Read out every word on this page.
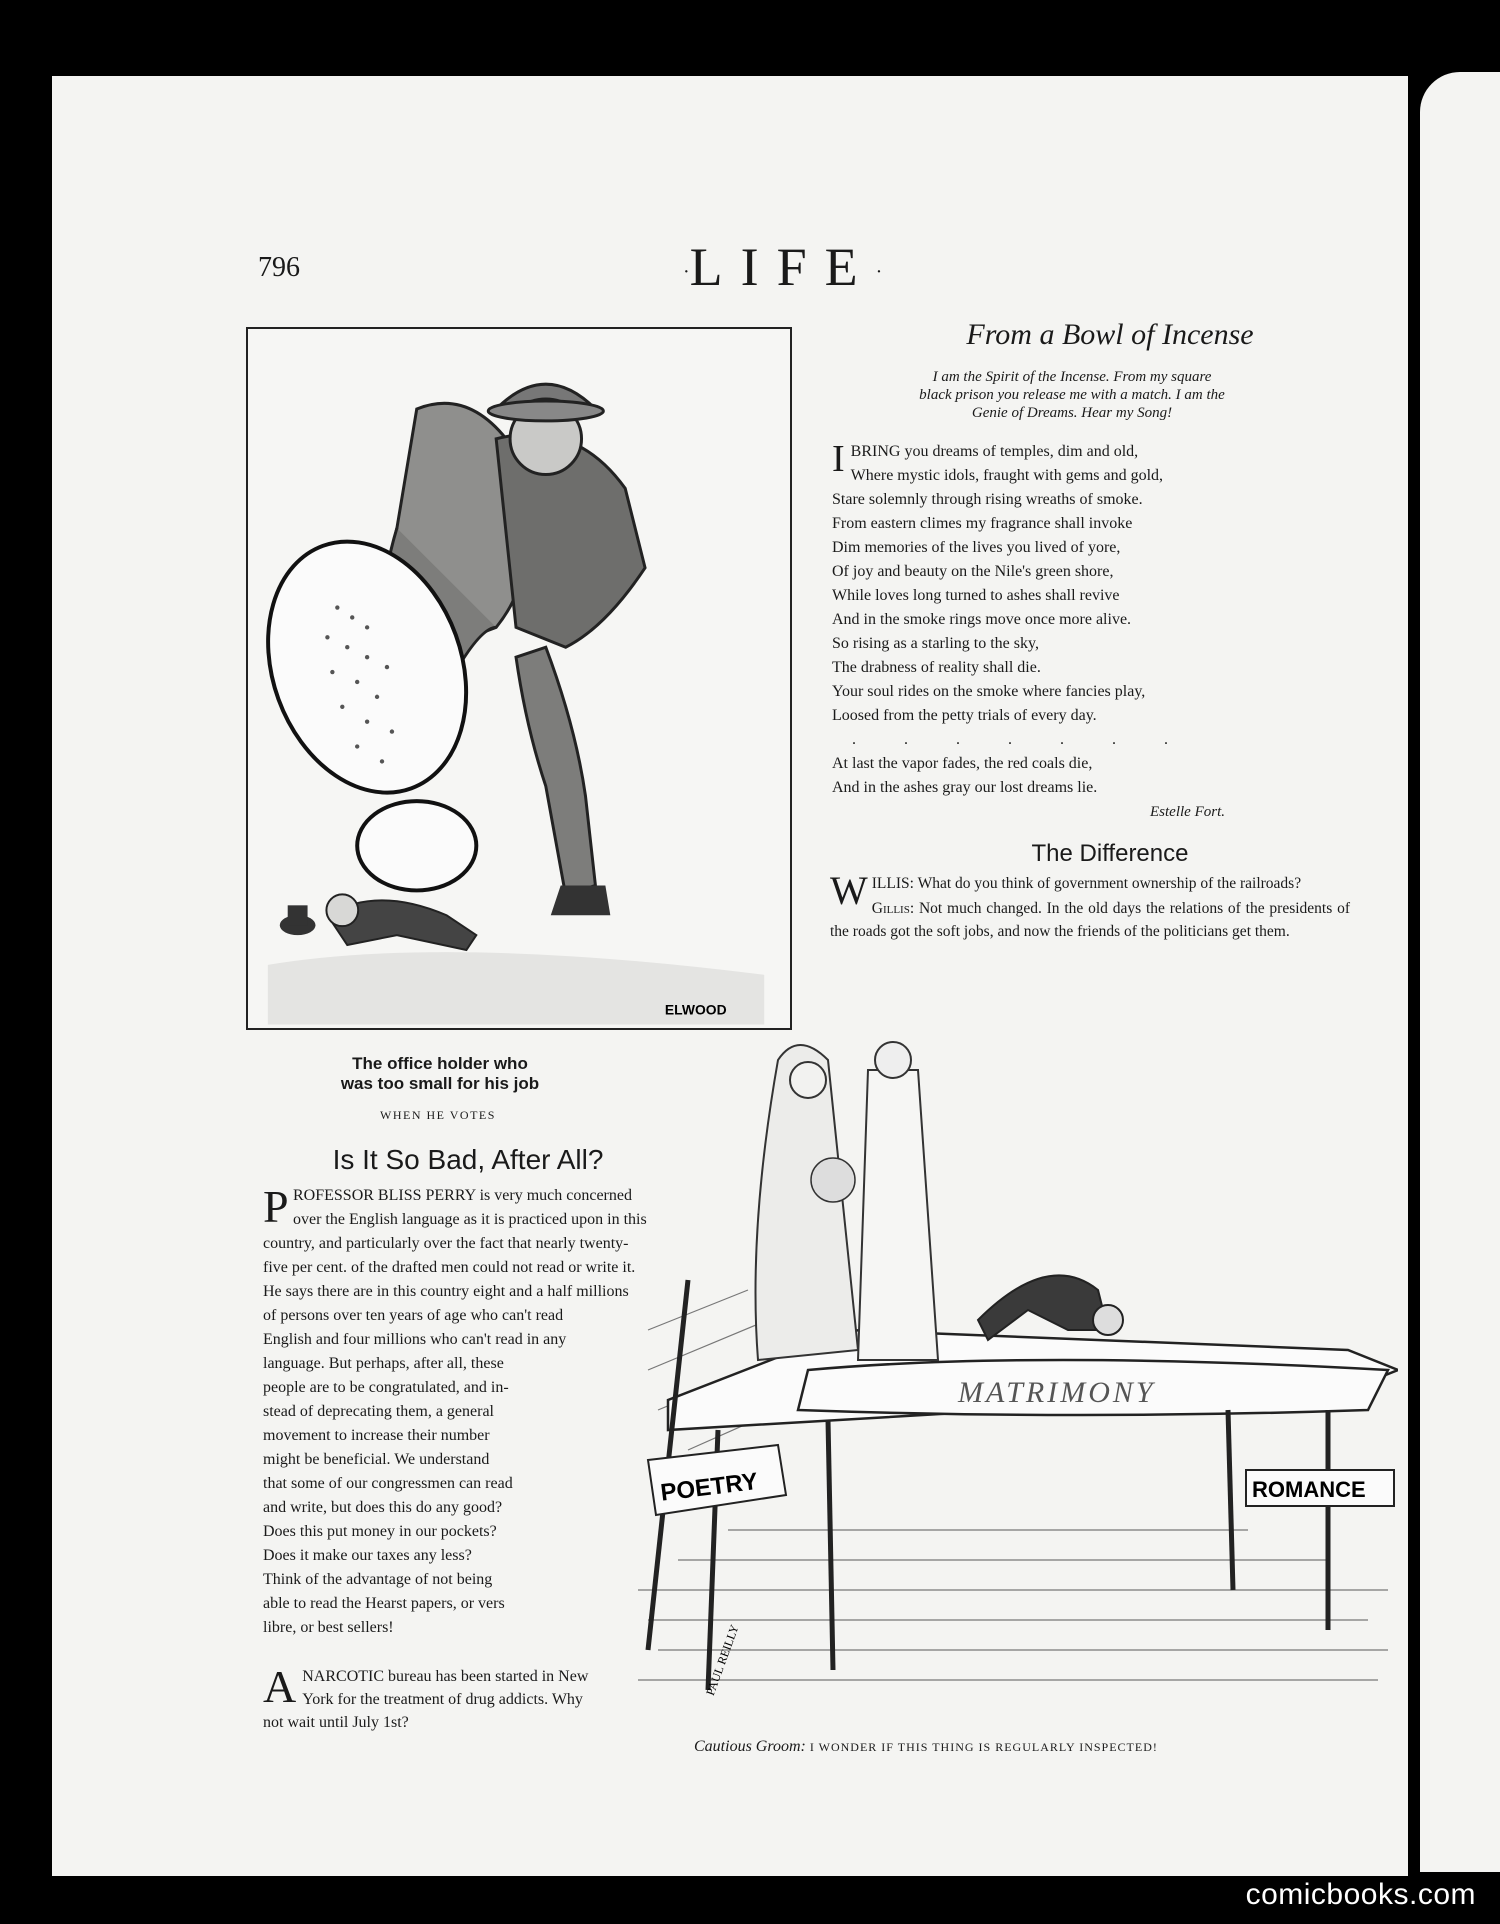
796	·LIFE·
ELWOOD
The office holder who
was too small for his job
WHEN HE VOTES
From a Bowl of Incense
I am the Spirit of the Incense. From my square
black prison you release me with a match. I am the
Genie of Dreams. Hear my Song!
I BRING you dreams of temples, dim and old,
Where mystic idols, fraught with gems and gold,
Stare solemnly through rising wreaths of smoke.
From eastern climes my fragrance shall invoke
Dim memories of the lives you lived of yore,
Of joy and beauty on the Nile's green shore,
While loves long turned to ashes shall revive
And in the smoke rings move once more alive.
So rising as a starling to the sky,
The drabness of reality shall die.
Your soul rides on the smoke where fancies play,
Loosed from the petty trials of every day.
. . . . . . .
At last the vapor fades, the red coals die,
And in the ashes gray our lost dreams lie.
Estelle Fort.
The Difference

WILLIS: What do you think of government ownership of the railroads?

Gillis: Not much changed. In the old days the relations of the presidents of the roads got the soft jobs, and now the friends of the politicians get them.

Is It So Bad, After All?
P ROFESSOR BLISS PERRY is very much concerned
over the English language as it is practiced upon in this
country, and particularly over the fact that nearly twenty-
five per cent. of the drafted men could not read or write it.
He says there are in this country eight and a half millions
of persons over ten years of age who can't read
English and four millions who can't read in any
language. But perhaps, after all, these
people are to be congratulated, and in-
stead of deprecating them, a general
movement to increase their number
might be beneficial. We understand
that some of our congressmen can read
and write, but does this do any good?
Does this put money in our pockets?
Does it make our taxes any less?
Think of the advantage of not being
able to read the Hearst papers, or vers
libre, or best sellers!
ANARCOTIC bureau has been started in New York for the treatment of drug addicts. Why not wait until July 1st?
MATRIMONY
POETRY	ROMANCE
PAUL REILLY
Cautious Groom: I WONDER IF THIS THING IS REGULARLY INSPECTED!
comicbooks.com
